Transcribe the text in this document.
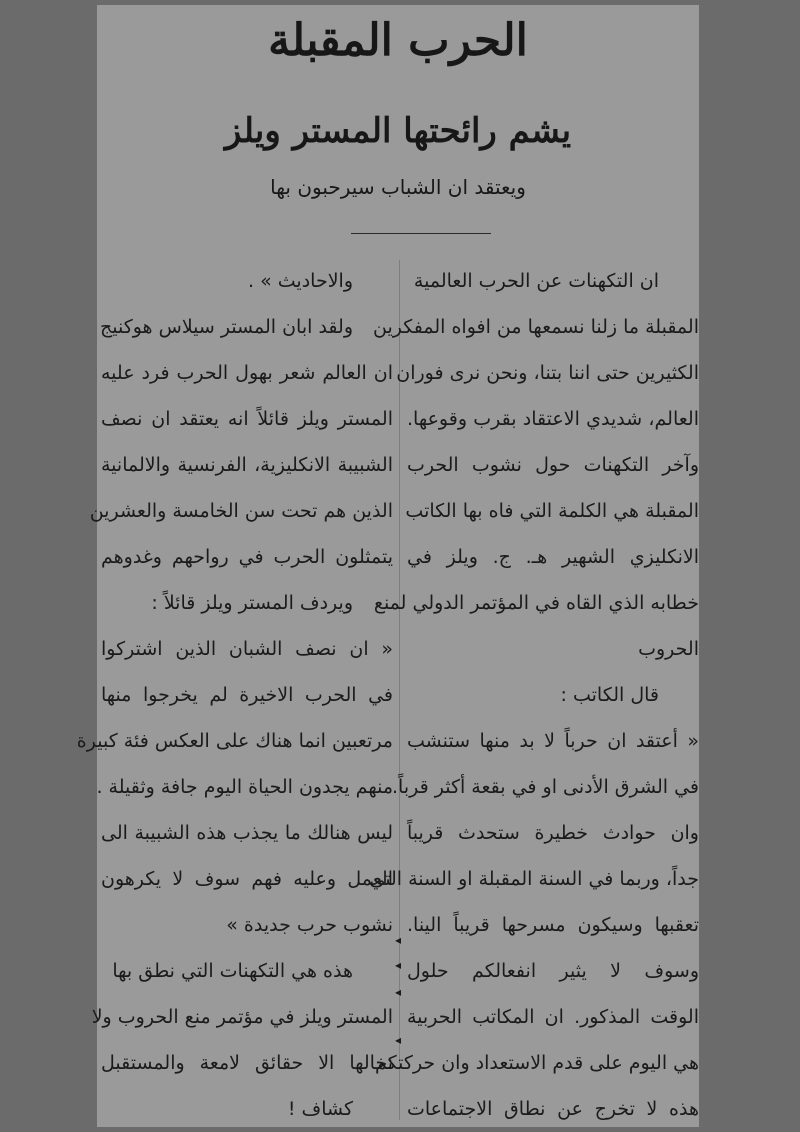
الحرب المقبلة
يشم رائحتها المستر ويلز
ويعتقد ان الشباب سيرحبون بها
◂
◂
◂
◂
ان التكهنات عن الحرب العالمية
المقبلة ما زلنا نسمعها من افواه المفكرين
الكثيرين حتى اننا بتنا، ونحن نرى فوران
العالم، شديدي الاعتقاد بقرب وقوعها.
وآخر التكهنات حول نشوب الحرب
المقبلة هي الكلمة التي فاه بها الكاتب
الانكليزي الشهير هـ. ج. ويلز في
خطابه الذي القاه في المؤتمر الدولي لمنع
الحروب
قال الكاتب :
« أعتقد ان حرباً لا بد منها ستنشب
في الشرق الأدنى او في بقعة أكثر قرباً.
وان حوادث خطيرة ستحدث قريباً
جداً، وربما في السنة المقبلة او السنة التي
تعقبها وسيكون مسرحها قريباً الينا.
وسوف لا يثير انفعالكم حلول
الوقت المذكور. ان المكاتب الحربية
هي اليوم على قدم الاستعداد وان حركتكم
هذه لا تخرج عن نطاق الاجتماعات
والاحاديث » .
ولقد ابان المستر سيلاس هوكنيج
ان العالم شعر بهول الحرب فرد عليه
المستر ويلز قائلاً انه يعتقد ان نصف
الشبيبة الانكليزية، الفرنسية والالمانية
الذين هم تحت سن الخامسة والعشرين
يتمثلون الحرب في رواحهم وغدوهم
ويردف المستر ويلز قائلاً :
« ان نصف الشبان الذين اشتركوا
في الحرب الاخيرة لم يخرجوا منها
مرتعبين انما هناك على العكس فئة كبيرة
منهم يجدون الحياة اليوم جافة وثقيلة .
ليس هنالك ما يجذب هذه الشبيبة الى
العمل وعليه فهم سوف لا يكرهون
نشوب حرب جديدة »
هذه هي التكهنات التي نطق بها
المستر ويلز في مؤتمر منع الحروب ولا
نخالها الا حقائق لامعة والمستقبل
كشاف !
